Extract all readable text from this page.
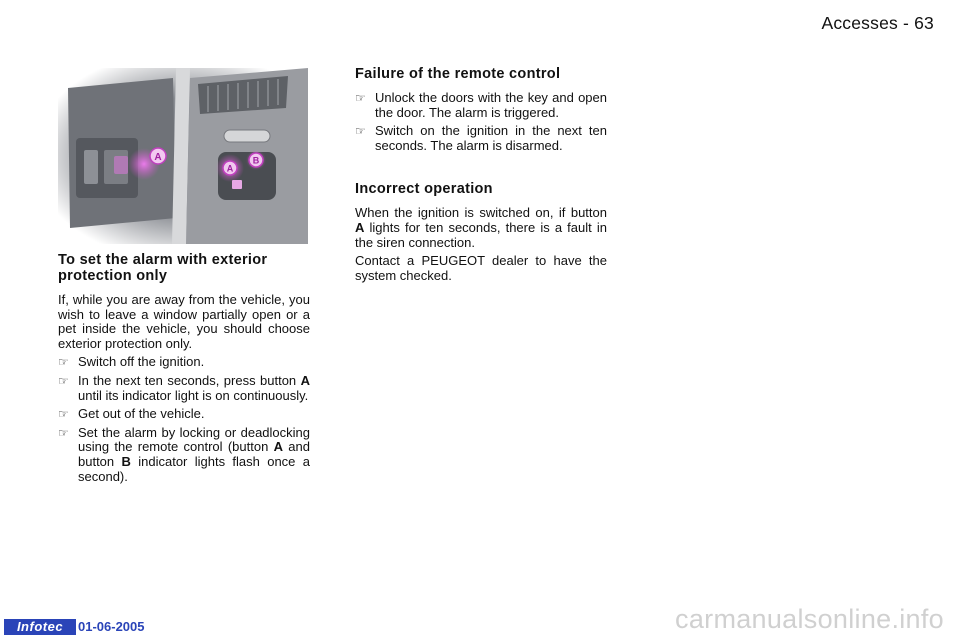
Accesses - 63
A
A
B
To set the alarm with exterior protection only

If, while you are away from the vehicle, you wish to leave a window partially open or a pet inside the vehicle, you should choose exterior protection only.

☞ Switch off the ignition.
☞ In the next ten seconds, press button A until its indicator light is on continuously.
☞ Get out of the vehicle.
☞ Set the alarm by locking or deadlocking using the remote control (button A and button B indicator lights flash once a second).
Failure of the remote control
☞ Unlock the doors with the key and open the door. The alarm is triggered.
☞ Switch on the ignition in the next ten seconds. The alarm is disarmed.
Incorrect operation

When the ignition is switched on, if button A lights for ten seconds, there is a fault in the siren connection.

Contact a PEUGEOT dealer to have the system checked.

Infotec	01-06-2005	carmanualsonline.info
